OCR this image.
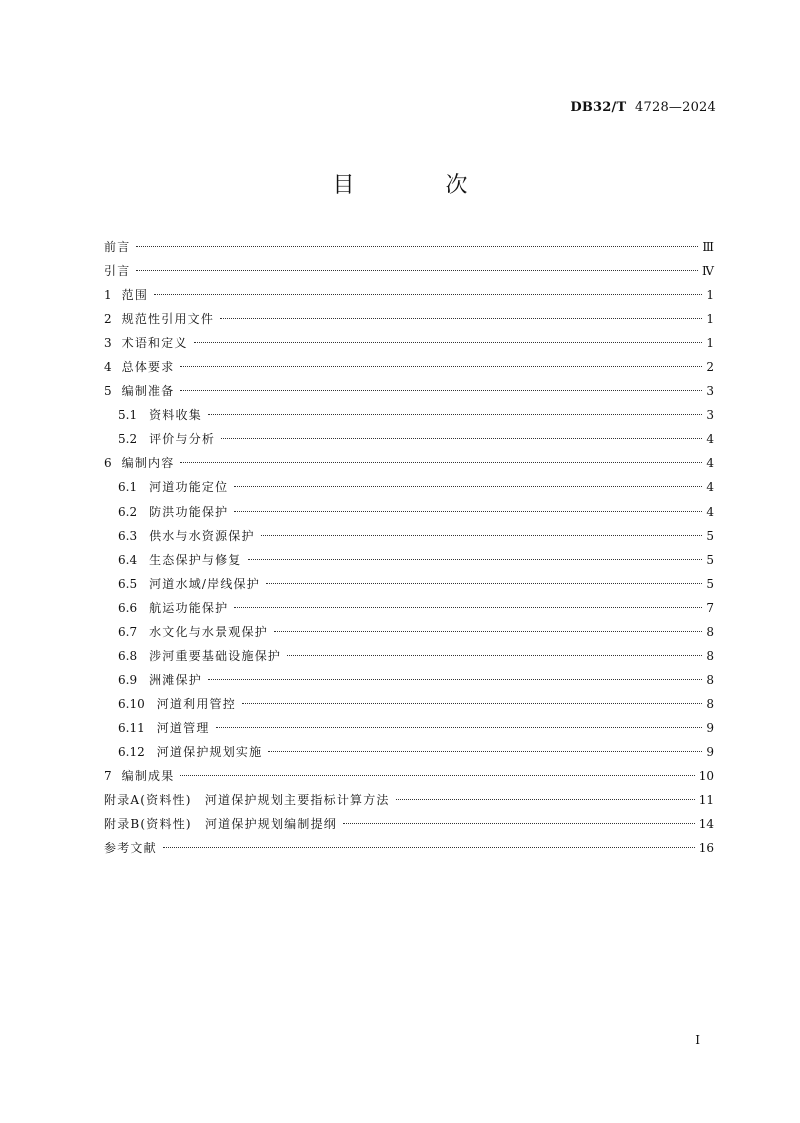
DB32/T 4728—2024
目 次
前言	Ⅲ
引言	Ⅳ
1 范围	1
2 规范性引用文件	1
3 术语和定义	1
4 总体要求	2
5 编制准备	3
5.1 资料收集	3
5.2 评价与分析	4
6 编制内容	4
6.1 河道功能定位	4
6.2 防洪功能保护	4
6.3 供水与水资源保护	5
6.4 生态保护与修复	5
6.5 河道水域/岸线保护	5
6.6 航运功能保护	7
6.7 水文化与水景观保护	8
6.8 涉河重要基础设施保护	8
6.9 洲滩保护	8
6.10 河道利用管控	8
6.11 河道管理	9
6.12 河道保护规划实施	9
7 编制成果	10
附录A(资料性)　河道保护规划主要指标计算方法	11
附录B(资料性)　河道保护规划编制提纲	14
参考文献	16
I
